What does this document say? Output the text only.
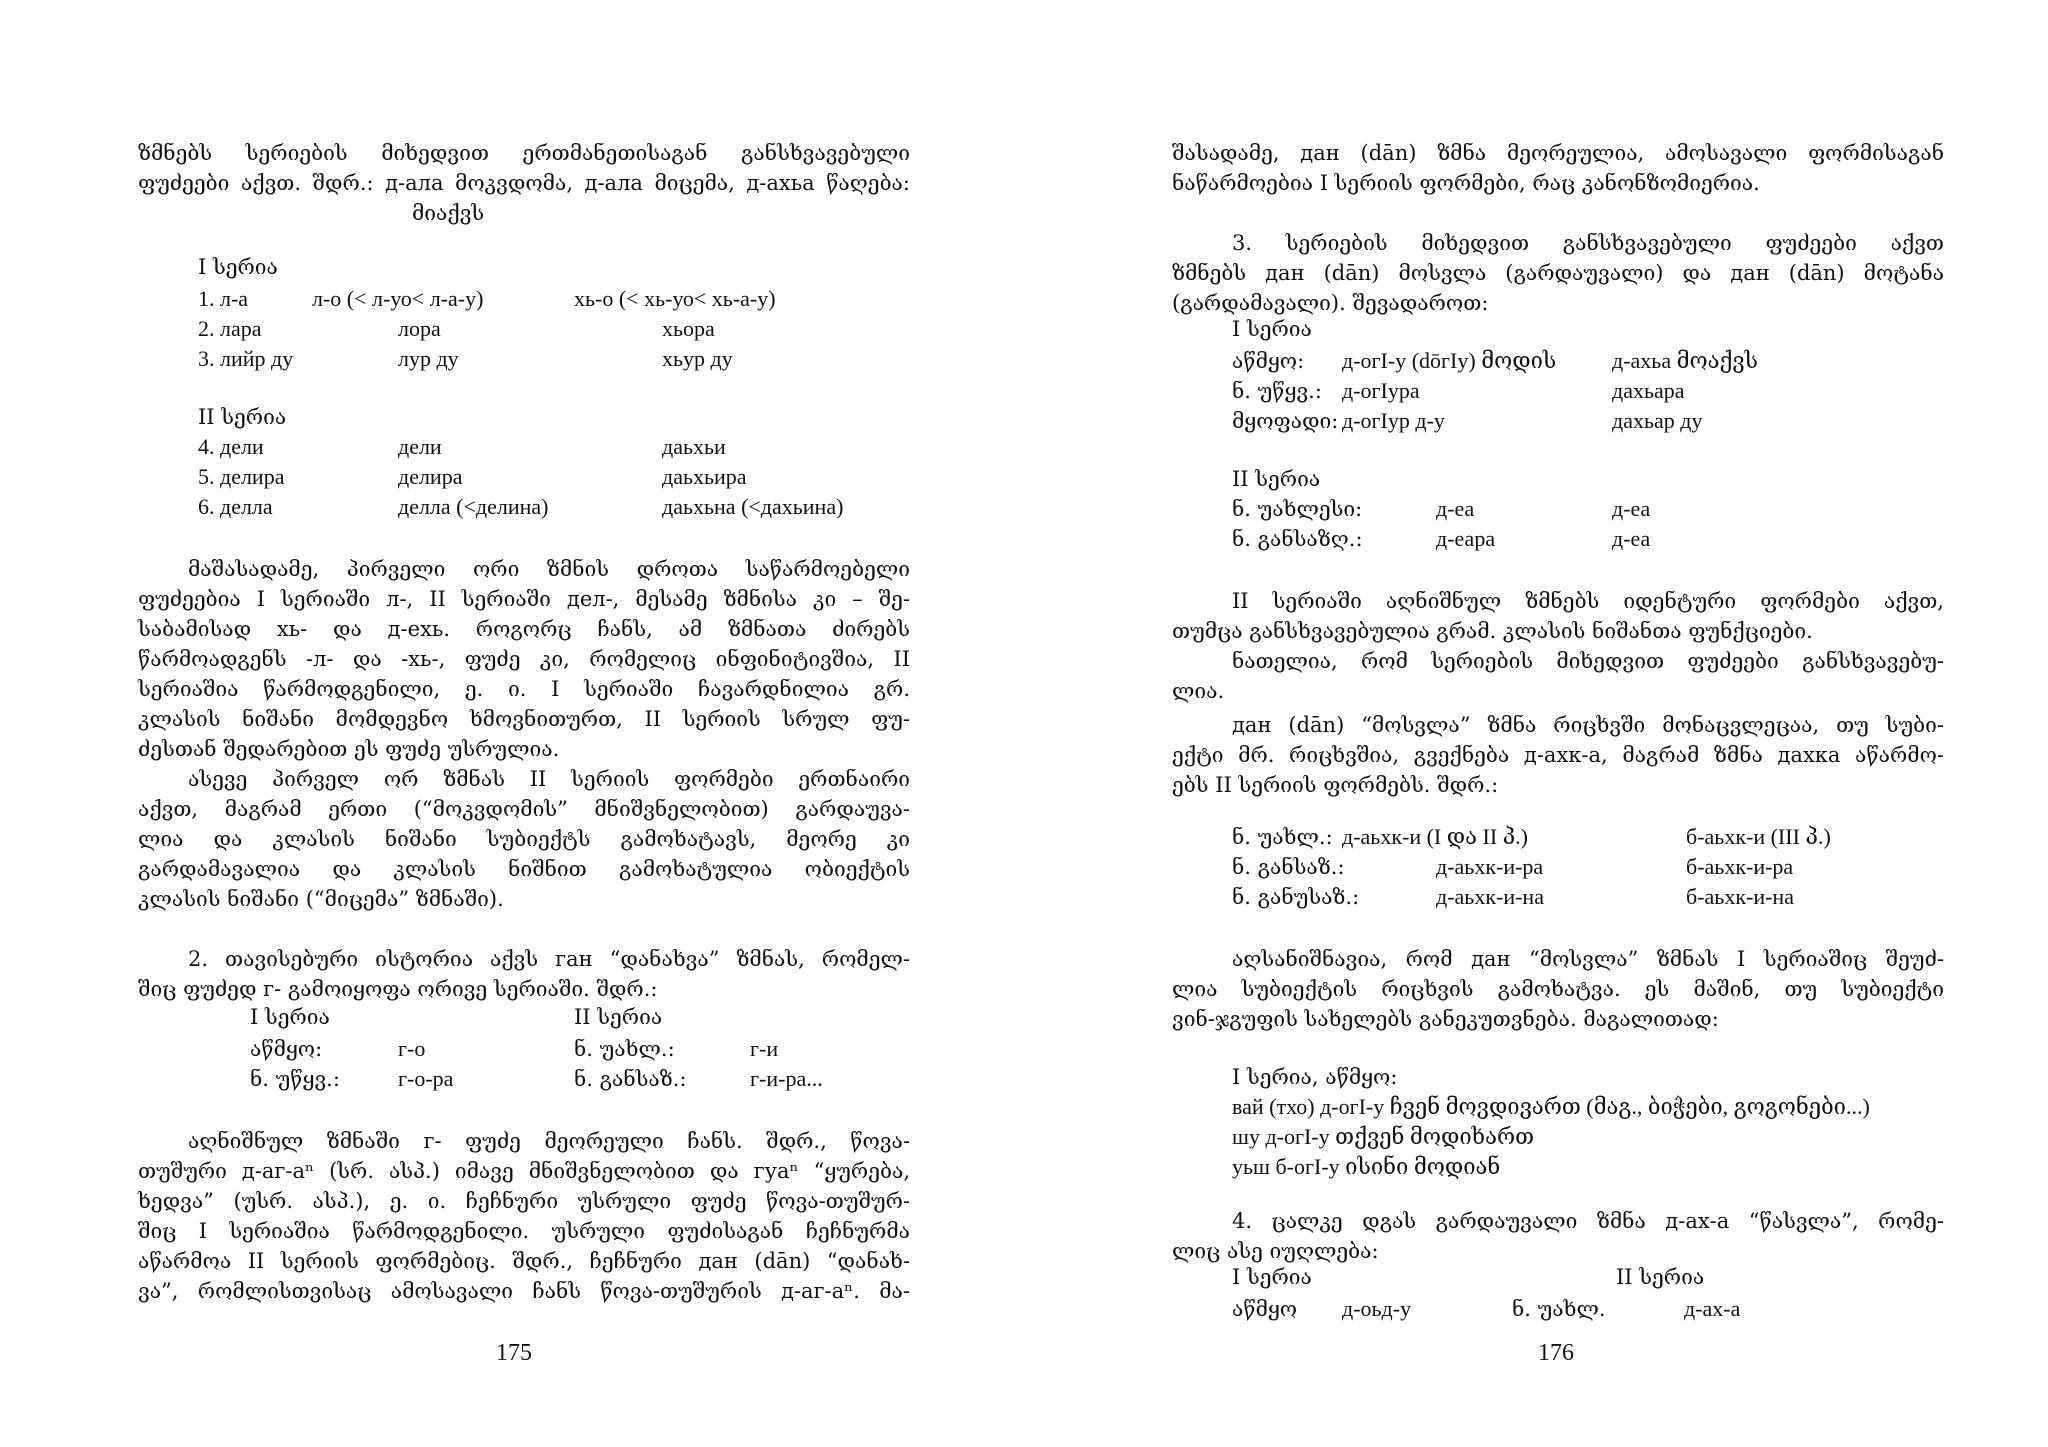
ზმნებს სერიების მიხედვით ერთმანეთისაგან განსხვავებული
ფუძეები აქვთ. შდრ.: д-ала მოკვდომა, д-ала მიცემა, д-ахьа წაღება:
მიაქვს
I სერია
1. л-а	л-о (< л-уо< л-а-у)	хь-о (< хь-уо< хь-а-у)
2. лара	лора	хьора
3. лийр ду	лур ду	хьур ду
II სერია
4. дели	дели	даьхьи
5. делира	делира	даьхьира
6. делла	делла (<делина)	даьхьна (<дахьина)
მაშასადამე, პირველი ორი ზმნის დროთა საწარმოებელი
ფუძეებია I სერიაში л-, II სერიაში дел-, მესამე ზმნისა კი – შე-
საბამისად хь- და д-ехь. როგორც ჩანს, ამ ზმნათა ძირებს
წარმოადგენს -л- და -хь-, ფუძე კი, რომელიც ინფინიტივშია, II
სერიაშია წარმოდგენილი, ე. ი. I სერიაში ჩავარდნილია გრ.
კლასის ნიშანი მომდევნო ხმოვნითურთ, II სერიის სრულ ფუ-
ძესთან შედარებით ეს ფუძე უსრულია.
ასევე პირველ ორ ზმნას II სერიის ფორმები ერთნაირი
აქვთ, მაგრამ ერთი (“მოკვდომის” მნიშვნელობით) გარდაუვა-
ლია და კლასის ნიშანი სუბიექტს გამოხატავს, მეორე კი
გარდამავალია და კლასის ნიშნით გამოხატულია ობიექტის
კლასის ნიშანი (“მიცემა” ზმნაში).
2. თავისებური ისტორია აქვს ган “დანახვა” ზმნას, რომელ-
შიც ფუძედ г- გამოიყოფა ორივე სერიაში. შდრ.:
I სერია	II სერია
აწმყო:	г-о	ნ. უახლ.:	г-и
ნ. უწყვ.:	г-о-ра	ნ. განსაზ.:	г-и-ра...
აღნიშნულ ზმნაში г- ფუძე მეორეული ჩანს. შდრ., წოვა-
თუშური д-аг-аⁿ (სრ. ასპ.) იმავე მნიშვნელობით და гуаⁿ “ყურება,
ხედვა” (უსრ. ასპ.), ე. ი. ჩეჩნური უსრული ფუძე წოვა-თუშურ-
შიც I სერიაშია წარმოდგენილი. უსრული ფუძისაგან ჩეჩნურმა
აწარმოა II სერიის ფორმებიც. შდრ., ჩეჩნური дан (dān) “დანახ-
ვა”, რომლისთვისაც ამოსავალი ჩანს წოვა-თუშურის д-аг-аⁿ. მა-
175
შასადამე, дан (dān) ზმნა მეორეულია, ამოსავალი ფორმისაგან
ნაწარმოებია I სერიის ფორმები, რაც კანონზომიერია.
3. სერიების მიხედვით განსხვავებული ფუძეები აქვთ
ზმნებს дан (dān) მოსვლა (გარდაუვალი) და дан (dān) მოტანა
(გარდამავალი). შევადაროთ:
I სერია
აწმყო: д-огI-у (dōгIу) მოდის	д-ахьа მოაქვს
ნ. უწყვ.: д-огIура	дахьара
მყოფადი: д-огIур д-у	дахьар ду
II სერია
ნ. უახლესი:	д-еа	д-еа
ნ. განსაზღ.:	д-еара	д-еа
II სერიაში აღნიშნულ ზმნებს იდენტური ფორმები აქვთ,
თუმცა განსხვავებულია გრამ. კლასის ნიშანთა ფუნქციები.
ნათელია, რომ სერიების მიხედვით ფუძეები განსხვავებუ-
ლია.
дан (dān) “მოსვლა” ზმნა რიცხვში მონაცვლეცაა, თუ სუბი-
ექტი მრ. რიცხვშია, გვექნება д-ахк-а, მაგრამ ზმნა дахка აწარმო-
ებს II სერიის ფორმებს. შდრ.:
ნ. უახლ.: д-аьхк-и (I და II პ.)	б-аьхк-и (III პ.)
ნ. განსაზ.:	д-аьхк-и-ра	б-аьхк-и-ра
ნ. განუსაზ.:	д-аьхк-и-на	б-аьхк-и-на
აღსანიშნავია, რომ дан “მოსვლა” ზმნას I სერიაშიც შეუძ-
ლია სუბიექტის რიცხვის გამოხატვა. ეს მაშინ, თუ სუბიექტი
ვინ-ჯგუფის სახელებს განეკუთვნება. მაგალითად:
I სერია, აწმყო:
вай (тхо) д-огI-у ჩვენ მოვდივართ (მაგ., ბიჭები, გოგონები...)
шу д-огI-у თქვენ მოდიხართ
уьш б-огI-у ისინი მოდიან
4. ცალკე დგას გარდაუვალი ზმნა д-ах-а “წასვლა”, რომე-
ლიც ასე იუღლება:
I სერია	II სერია
აწმყო д-оьд-у	ნ. უახლ.	д-ах-а
176
